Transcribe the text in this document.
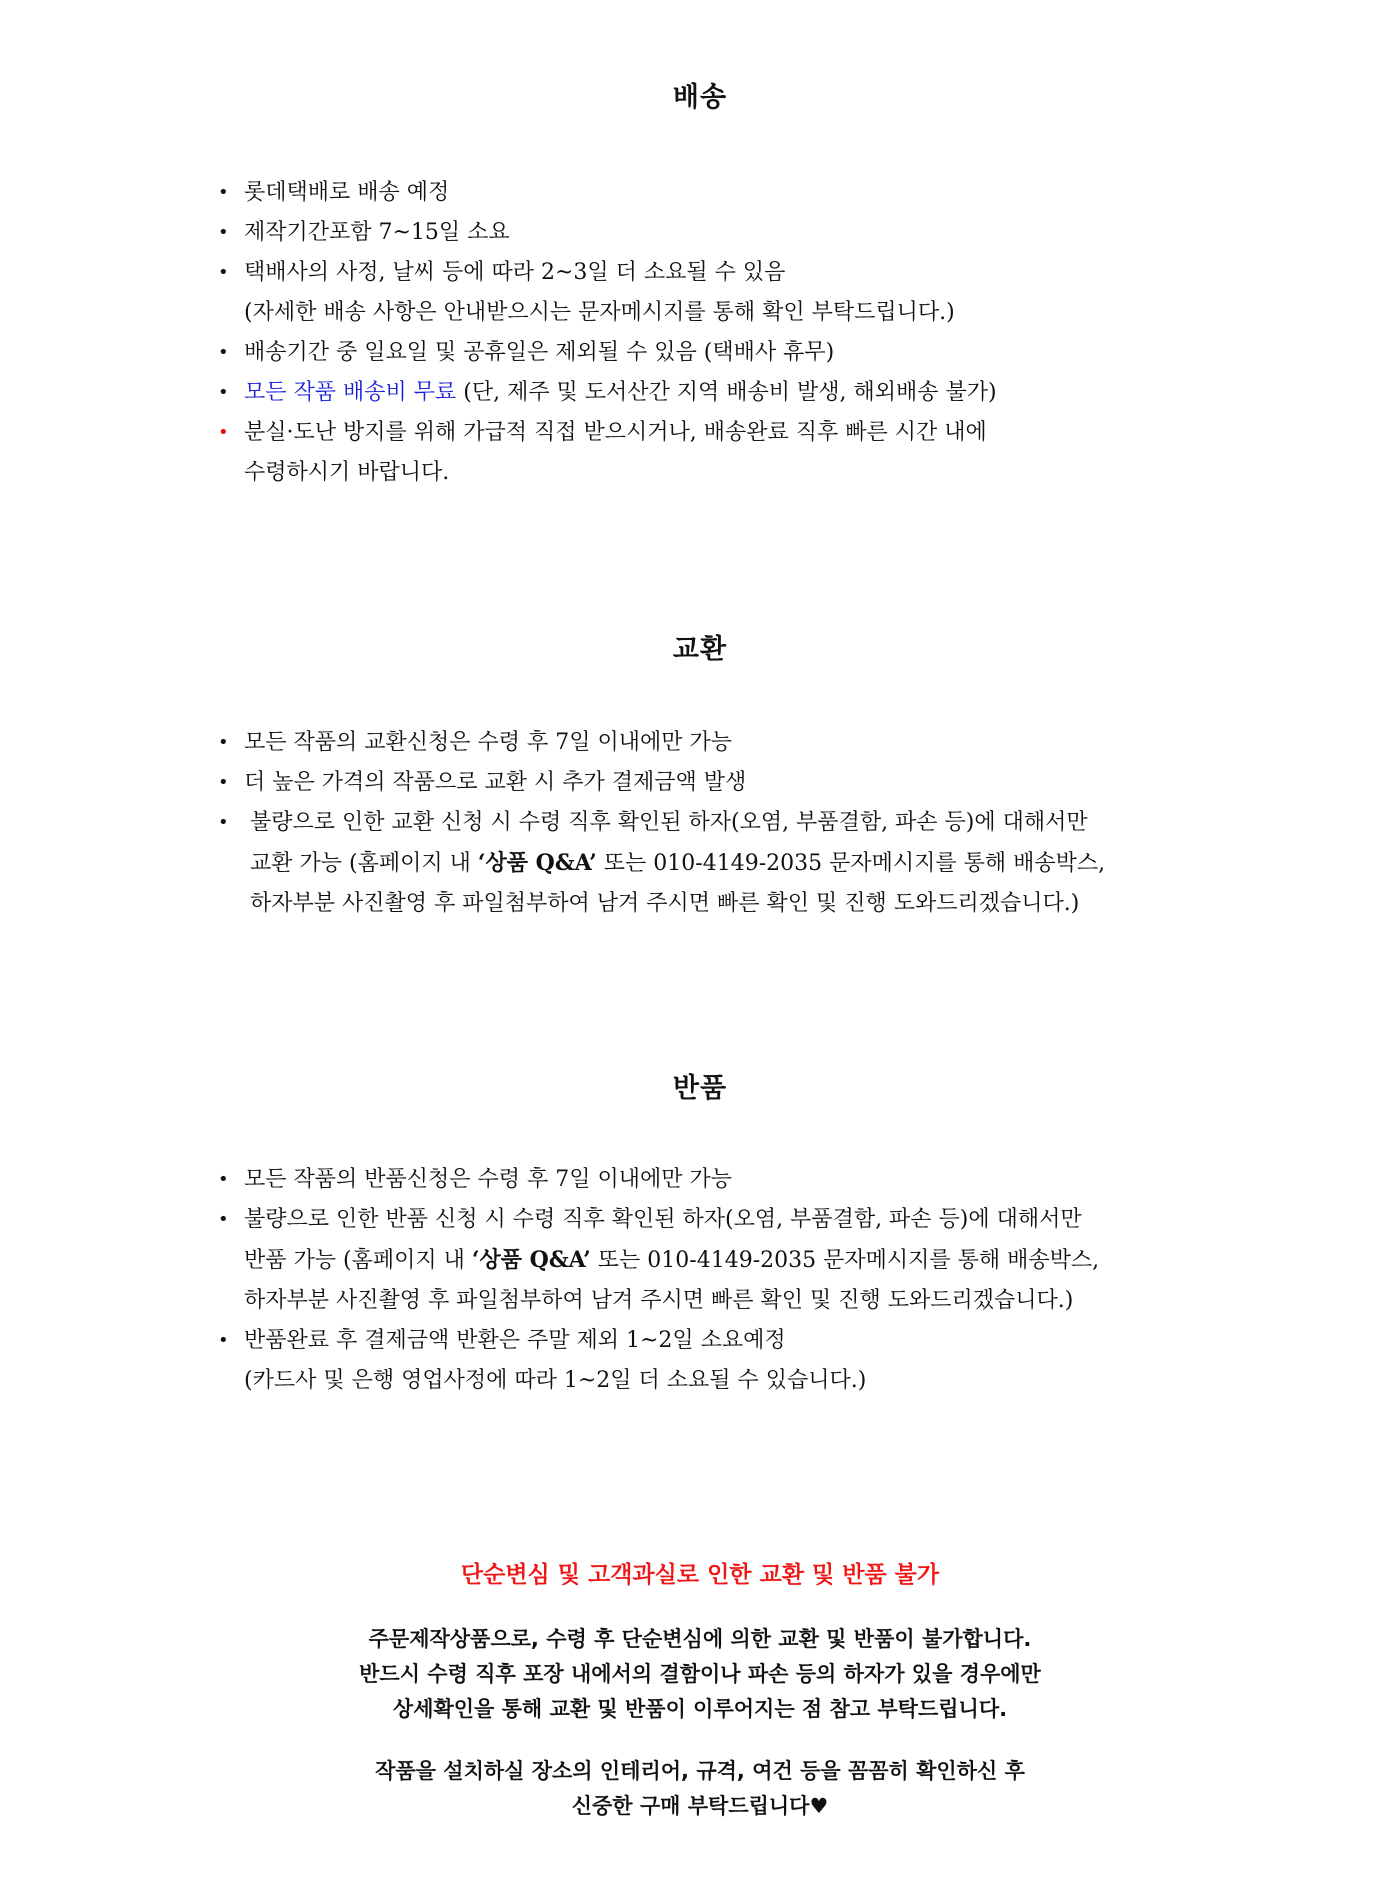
배송
• 롯데택배로 배송 예정
• 제작기간포함 7~15일 소요
• 택배사의 사정, 날씨 등에 따라 2~3일 더 소요될 수 있음
(자세한 배송 사항은 안내받으시는 문자메시지를 통해 확인 부탁드립니다.)
• 배송기간 중 일요일 및 공휴일은 제외될 수 있음 (택배사 휴무)
• 모든 작품 배송비 무료 (단, 제주 및 도서산간 지역 배송비 발생, 해외배송 불가)
• 분실·도난 방지를 위해 가급적 직접 받으시거나, 배송완료 직후 빠른 시간 내에
수령하시기 바랍니다.
교환
• 모든 작품의 교환신청은 수령 후 7일 이내에만 가능
• 더 높은 가격의 작품으로 교환 시 추가 결제금액 발생
• 불량으로 인한 교환 신청 시 수령 직후 확인된 하자(오염, 부품결함, 파손 등)에 대해서만
교환 가능 (홈페이지 내 ‘상품 Q&A’ 또는 010-4149-2035 문자메시지를 통해 배송박스,
하자부분 사진촬영 후 파일첨부하여 남겨 주시면 빠른 확인 및 진행 도와드리겠습니다.)
반품
• 모든 작품의 반품신청은 수령 후 7일 이내에만 가능
• 불량으로 인한 반품 신청 시 수령 직후 확인된 하자(오염, 부품결함, 파손 등)에 대해서만
반품 가능 (홈페이지 내 ‘상품 Q&A’ 또는 010-4149-2035 문자메시지를 통해 배송박스,
하자부분 사진촬영 후 파일첨부하여 남겨 주시면 빠른 확인 및 진행 도와드리겠습니다.)
• 반품완료 후 결제금액 반환은 주말 제외 1~2일 소요예정
(카드사 및 은행 영업사정에 따라 1~2일 더 소요될 수 있습니다.)
단순변심 및 고객과실로 인한 교환 및 반품 불가
주문제작상품으로, 수령 후 단순변심에 의한 교환 및 반품이 불가합니다.
반드시 수령 직후 포장 내에서의 결함이나 파손 등의 하자가 있을 경우에만
상세확인을 통해 교환 및 반품이 이루어지는 점 참고 부탁드립니다.
작품을 설치하실 장소의 인테리어, 규격, 여건 등을 꼼꼼히 확인하신 후
신중한 구매 부탁드립니다♥
